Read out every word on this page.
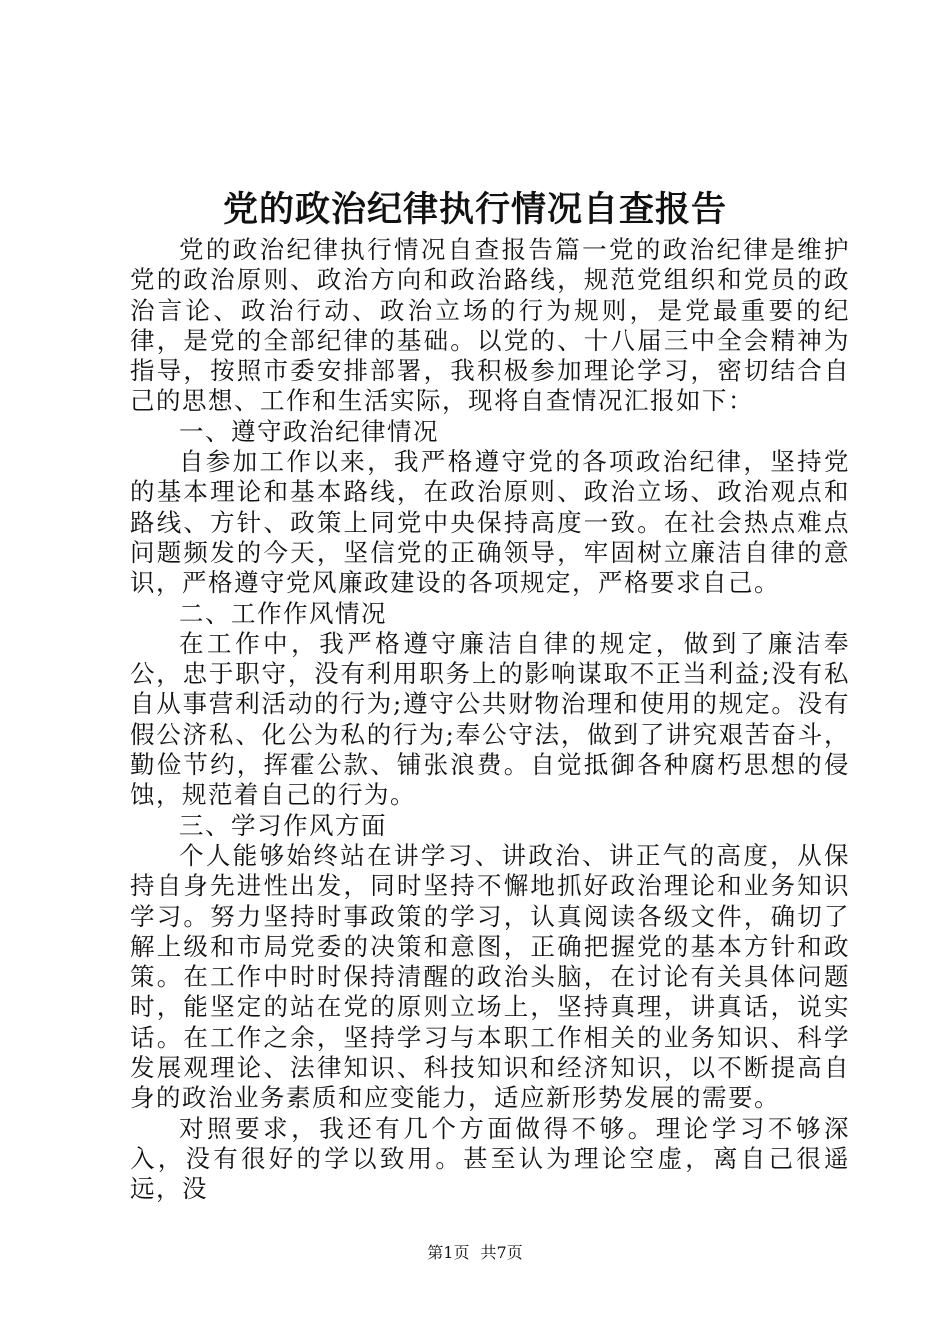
党的政治纪律执行情况自查报告

党的政治纪律执行情况自查报告篇一党的政治纪律是维护党的政治原则、政治方向和政治路线，规范党组织和党员的政治言论、政治行动、政治立场的行为规则，是党最重要的纪律，是党的全部纪律的基础。以党的、十八届三中全会精神为指导，按照市委安排部署，我积极参加理论学习，密切结合自己的思想、工作和生活实际，现将自查情况汇报如下：

一、遵守政治纪律情况

自参加工作以来，我严格遵守党的各项政治纪律，坚持党的基本理论和基本路线，在政治原则、政治立场、政治观点和路线、方针、政策上同党中央保持高度一致。在社会热点难点问题频发的今天，坚信党的正确领导，牢固树立廉洁自律的意识，严格遵守党风廉政建设的各项规定，严格要求自己。

二、工作作风情况

在工作中，我严格遵守廉洁自律的规定，做到了廉洁奉公，忠于职守，没有利用职务上的影响谋取不正当利益;没有私自从事营利活动的行为;遵守公共财物治理和使用的规定。没有假公济私、化公为私的行为;奉公守法，做到了讲究艰苦奋斗，勤俭节约，挥霍公款、铺张浪费。自觉抵御各种腐朽思想的侵蚀，规范着自己的行为。

三、学习作风方面

个人能够始终站在讲学习、讲政治、讲正气的高度，从保持自身先进性出发，同时坚持不懈地抓好政治理论和业务知识学习。努力坚持时事政策的学习，认真阅读各级文件，确切了解上级和市局党委的决策和意图，正确把握党的基本方针和政策。在工作中时时保持清醒的政治头脑，在讨论有关具体问题时，能坚定的站在党的原则立场上，坚持真理，讲真话，说实话。在工作之余，坚持学习与本职工作相关的业务知识、科学发展观理论、法律知识、科技知识和经济知识，以不断提高自身的政治业务素质和应变能力，适应新形势发展的需要。

对照要求，我还有几个方面做得不够。理论学习不够深入，没有很好的学以致用。甚至认为理论空虚，离自己很遥远，没

第1页 共7页
